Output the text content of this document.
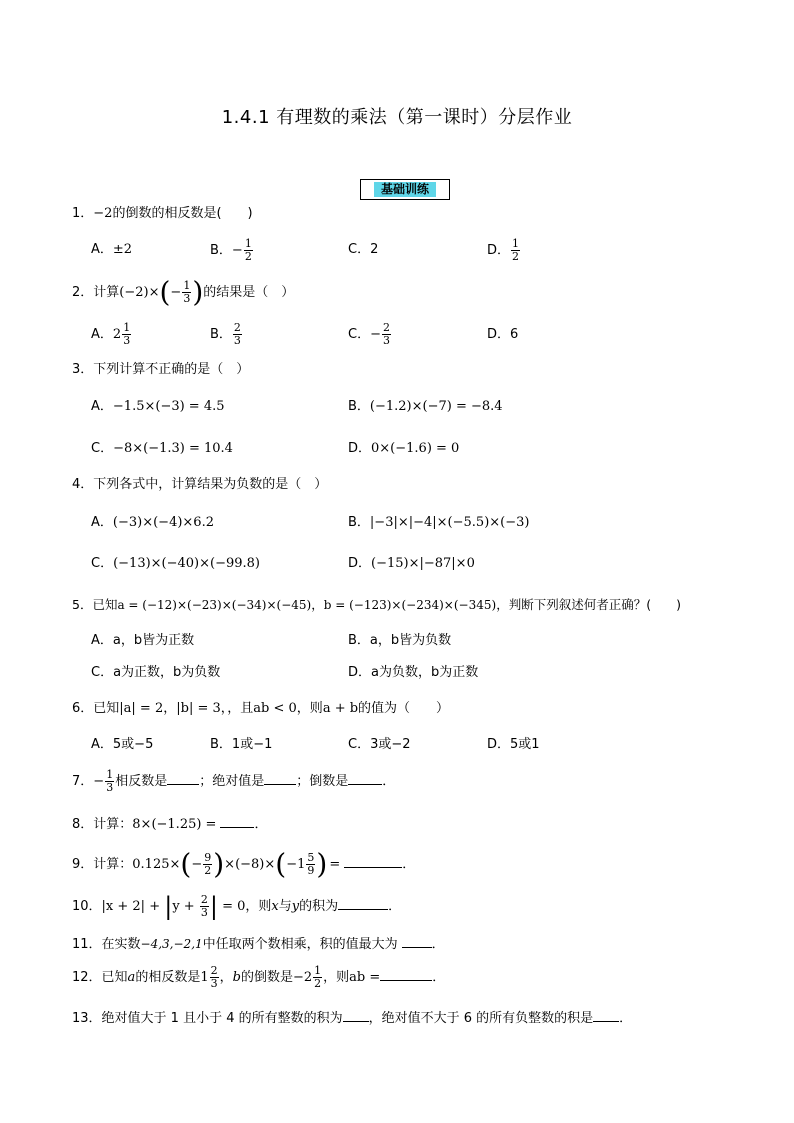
1.4.1 有理数的乘法（第一课时）分层作业
基础训练
1．−2的倒数的相反数是(　　)
A．±2	B．− $\frac{1}{2}$	C．2	D． $\frac{1}{2}$
2．计算$(-2)\times(- \frac{1}{3}$ )的结果是（　）
A．$2 \frac{1}{3}$	B． $\frac{2}{3}$	C．− $\frac{2}{3}$	D．6
3．下列计算不正确的是（　）
A．−1.5×(−3) = 4.5	B．(−1.2)×(−7) = −8.4
C．−8×(−1.3) = 10.4	D．0×(−1.6) = 0
4．下列各式中，计算结果为负数的是（　）
A．(−3)×(−4)×6.2	B．|−3|×|−4|×(−5.5)×(−3)
C．(−13)×(−40)×(−99.8)	D．(−15)×|−87|×0
5．已知a = (−12)×(−23)×(−34)×(−45)，b = (−123)×(−234)×(−345)，判断下列叙述何者正确？(　　)
A．a，b皆为正数	B．a，b皆为负数
C．a为正数，b为负数	D．a为负数，b为正数
6．已知|a| = 2，|b| = 3，，且ab < 0，则a + b的值为（　　）
A．5或−5	B．1或−1	C．3或−2	D．5或1
7．− $\frac{1}{3}$ 相反数是 ；绝对值是 ；倒数是	．
8．计算：8×(−1.25) =	．
9．计算：$0.125\times(- \frac{9}{2} )\times(-8)\times(-1 \frac{5}{9}$ ) =	．
10．$|x + 2| + |y + \frac{2}{3}$ | = 0，则x与y的积为	．
11．在实数−4,3,−2,1中任取两个数相乘，积的值最大为	．
12．已知a的相反数是$1 \frac{2}{3}$ ，b的倒数是$-2 \frac{1}{2}$ ，则ab =	．
13．绝对值大于 1 且小于 4 的所有整数的积为 ，绝对值不大于 6 的所有负整数的积是 ．
